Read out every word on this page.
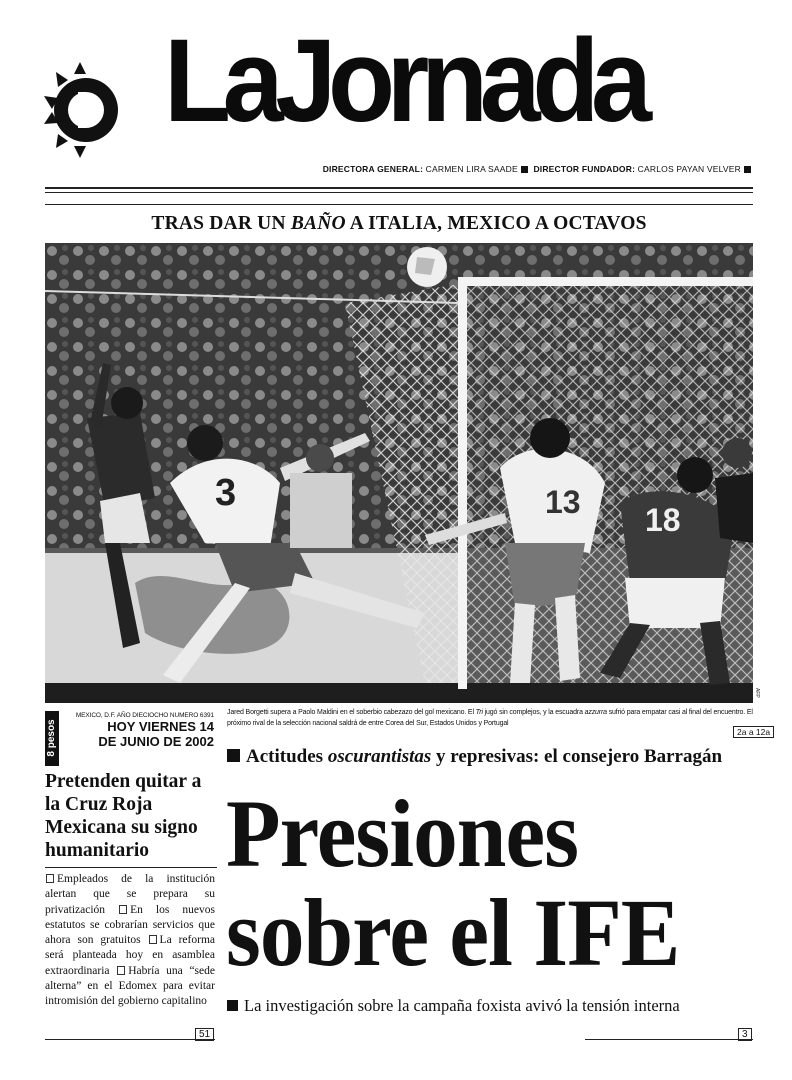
LaJornada
DIRECTORA GENERAL: CARMEN LIRA SAADE DIRECTOR FUNDADOR: CARLOS PAYAN VELVER
TRAS DAR UN BAÑO A ITALIA, MEXICO A OCTAVOS
3	13 18
AFP
8 pesos
MEXICO, D.F. AÑO DIECIOCHO NUMERO 6391
HOY VIERNES 14
DE JUNIO DE 2002
Pretenden quitar a la Cruz Roja Mexicana su signo humanitario
Empleados de la institución alertan que se prepara su privatización En los nuevos estatutos se cobrarían servicios que ahora son gratuitos La reforma será planteada hoy en asamblea extraordinaria Habría una “sede alterna” en el Edomex para evitar intromisión del gobierno capitalino
51
Jared Borgetti supera a Paolo Maldini en el soberbio cabezazo del gol mexicano. El Tri jugó sin complejos, y la escuadra azzurra sufrió para empatar casi al final del encuentro. El próximo rival de la selección nacional saldrá de entre Corea del Sur, Estados Unidos y Portugal
2a a 12a
Actitudes oscurantistas y represivas: el consejero Barragán
Presiones
sobre el IFE
La investigación sobre la campaña foxista avivó la tensión interna
3
